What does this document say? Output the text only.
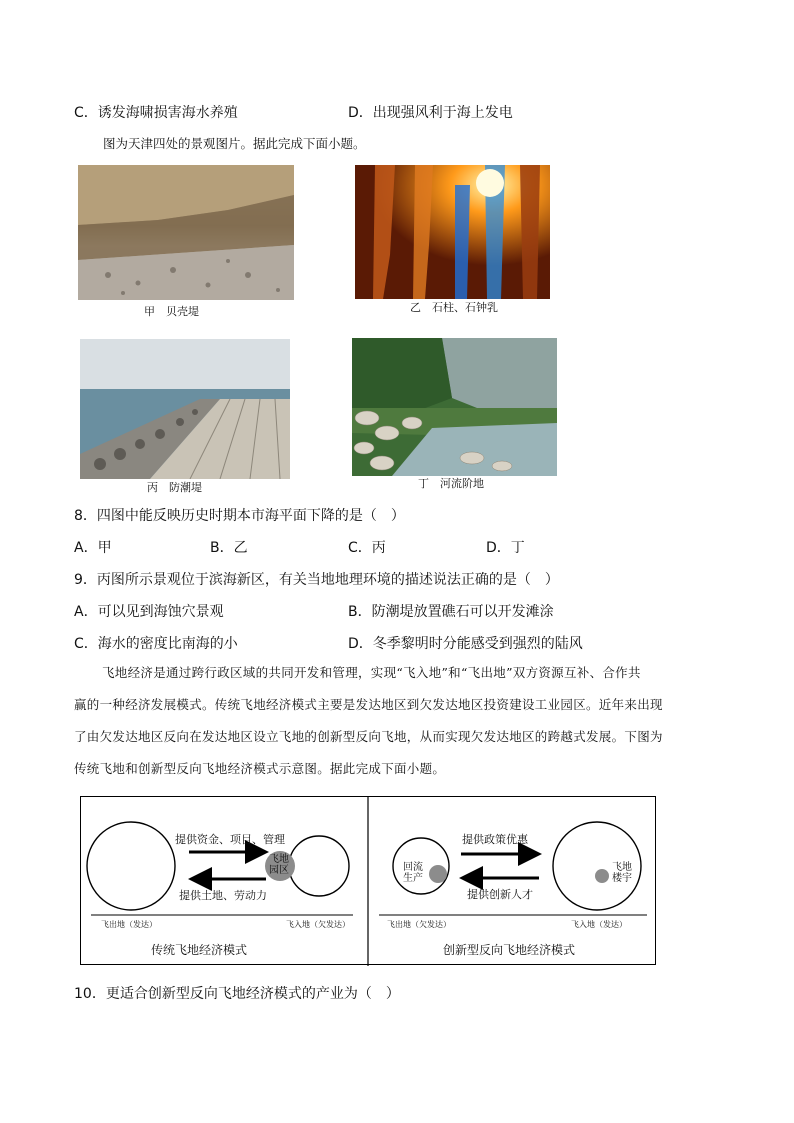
C．诱发海啸损害海水养殖	D．出现强风利于海上发电
图为天津四处的景观图片。据此完成下面小题。
甲　贝壳堤	乙　石柱、石钟乳
丙　防潮堤	丁　河流阶地
8．四图中能反映历史时期本市海平面下降的是（　）
A．甲	B．乙	C．丙	D．丁
9．丙图所示景观位于滨海新区，有关当地地理环境的描述说法正确的是（　）
A．可以见到海蚀穴景观	B．防潮堤放置礁石可以开发滩涂
C．海水的密度比南海的小	D．冬季黎明时分能感受到强烈的陆风
飞地经济是通过跨行政区域的共同开发和管理，实现“飞入地”和“飞出地”双方资源互补、合作共
赢的一种经济发展模式。传统飞地经济模式主要是发达地区到欠发达地区投资建设工业园区。近年来出现
了由欠发达地区反向在发达地区设立飞地的创新型反向飞地，从而实现欠发达地区的跨越式发展。下图为
传统飞地和创新型反向飞地经济模式示意图。据此完成下面小题。
提供资金、项目、管理
提供土地、劳动力
飞地
园区
飞出地（发达）	飞入地（欠发达）
传统飞地经济模式
提供政策优惠
提供创新人才
回流
生产
飞地
楼宇
飞出地（欠发达）	飞入地（发达）
创新型反向飞地经济模式
10．更适合创新型反向飞地经济模式的产业为（　）
